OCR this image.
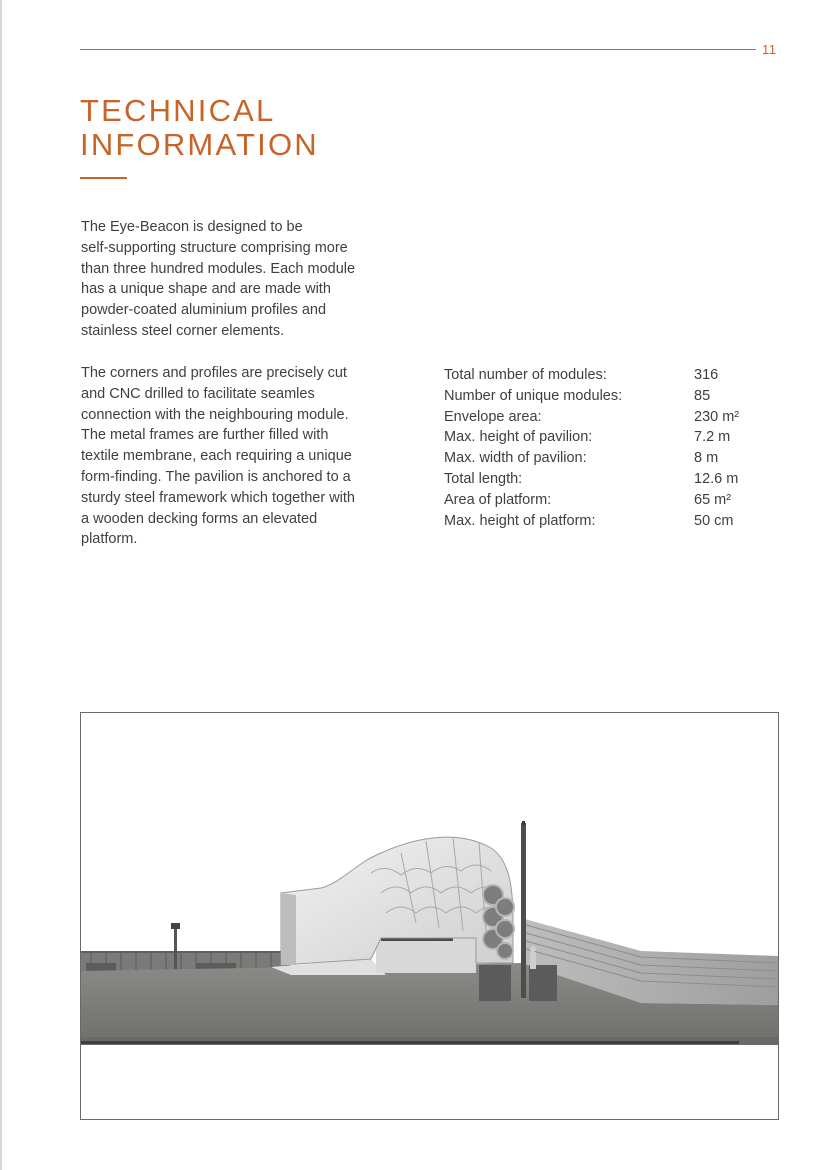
11
TECHNICAL
INFORMATION

The Eye-Beacon is designed to be
self-supporting structure comprising more
than three hundred modules. Each module
has a unique shape and are made with
powder-coated aluminium profiles and
stainless steel corner elements.

The corners and profiles are precisely cut
and CNC drilled to facilitate seamles
connection with the neighbouring module.
The metal frames are further filled with
textile membrane, each requiring a unique
form-finding. The pavilion is anchored to a
sturdy steel framework which together with
a wooden decking forms an elevated
platform.

Total number of modules:	316
Number of unique modules:	85
Envelope area:	230 m²
Max. height of pavilion:	7.2 m
Max. width of pavilion:	8 m
Total length:	12.6 m
Area of platform:	65 m²
Max. height of platform:	50 cm
